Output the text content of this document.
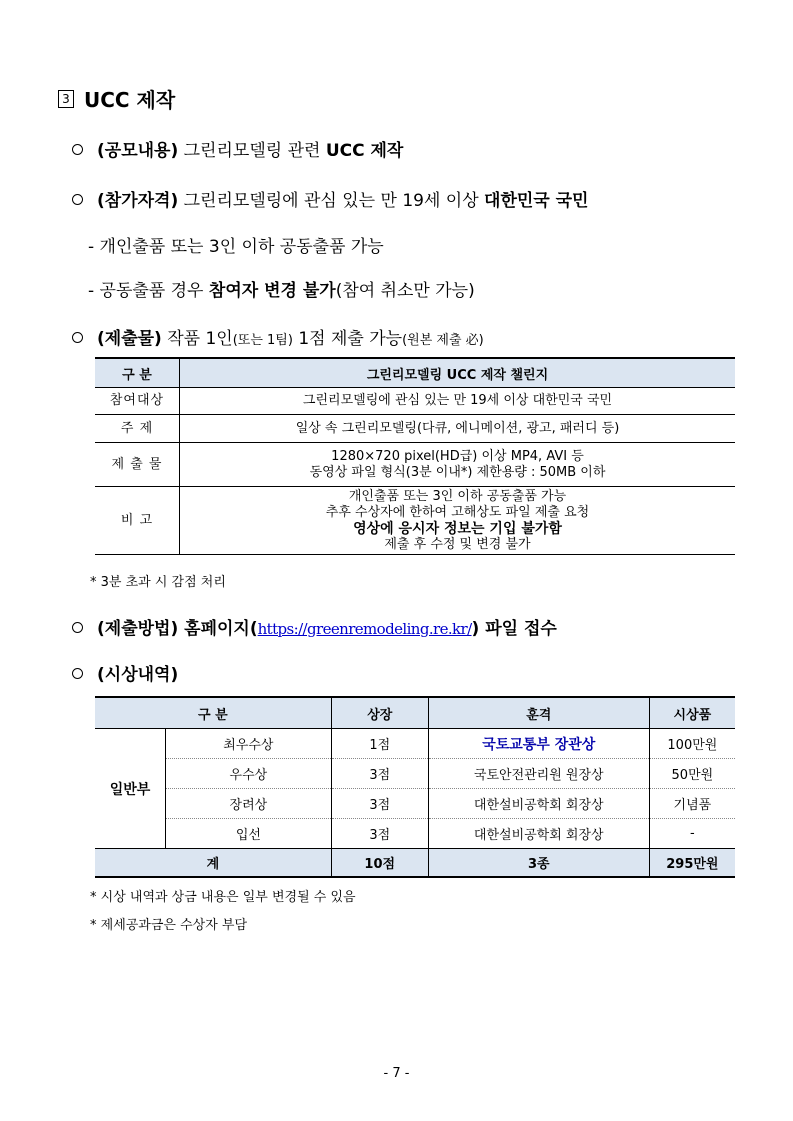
3 UCC 제작
(공모내용) 그린리모델링 관련 UCC 제작
(참가자격) 그린리모델링에 관심 있는 만 19세 이상 대한민국 국민
- 개인출품 또는 3인 이하 공동출품 가능
- 공동출품 경우 참여자 변경 불가(참여 취소만 가능)
(제출물) 작품 1인(또는 1팀) 1점 제출 가능(원본 제출 必)
구 분	그린리모델링 UCC 제작 챌린지
참여대상	그린리모델링에 관심 있는 만 19세 이상 대한민국 국민
주 제	일상 속 그린리모델링(다큐, 에니메이션, 광고, 패러디 등)
제 출 물	1280×720 pixel(HD급) 이상 MP4, AVI 등
동영상 파일 형식(3분 이내*) 제한용량 : 50MB 이하

비 고	개인출품 또는 3인 이하 공동출품 가능
추후 수상자에 한하여 고해상도 파일 제출 요청
영상에 응시자 정보는 기입 불가함
제출 후 수정 및 변경 불가
* 3분 초과 시 감점 처리
(제출방법) 홈페이지(https://greenremodeling.re.kr/) 파일 접수
(시상내역)
구 분		상장	훈격	시상품
일반부	최우수상	1점	국토교통부 장관상	100만원
	우수상	3점	국토안전관리원 원장상	50만원
	장려상	3점	대한설비공학회 회장상	기념품
	입선	3점	대한설비공학회 회장상	-
계		10점	3종	295만원
* 시상 내역과 상금 내용은 일부 변경될 수 있음
* 제세공과금은 수상자 부담
- 7 -
